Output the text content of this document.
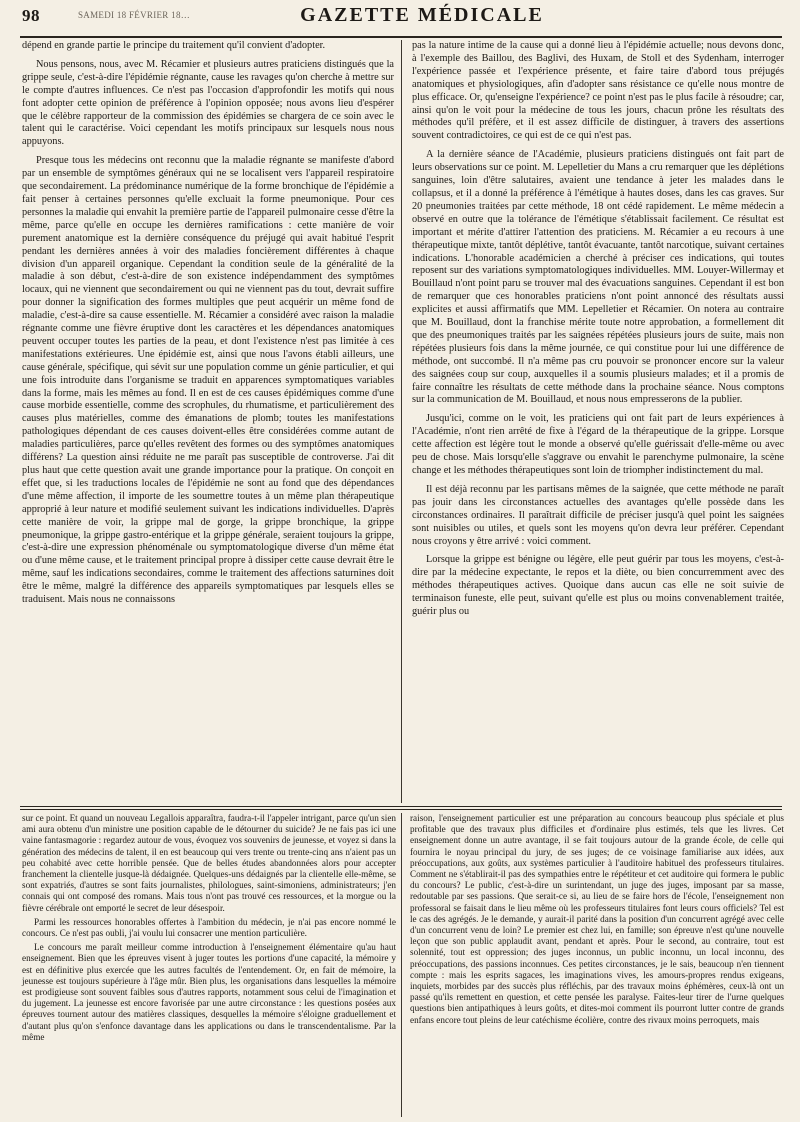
98	SAMEDI 18 FÉVRIER 18…	GAZETTE MÉDICALE

dépend en grande partie le principe du traitement qu'il convient d'adopter.

Nous pensons, nous, avec M. Récamier et plusieurs autres praticiens distingués que la grippe seule, c'est-à-dire l'épidémie régnante, cause les ravages qu'on cherche à mettre sur le compte d'autres influences. Ce n'est pas l'occasion d'approfondir les motifs qui nous font adopter cette opinion de préférence à l'opinion opposée; nous avons lieu d'espérer que le célèbre rapporteur de la commission des épidémies se chargera de ce soin avec le talent qui le caractérise. Voici cependant les motifs principaux sur lesquels nous nous appuyons.

Presque tous les médecins ont reconnu que la maladie régnante se manifeste d'abord par un ensemble de symptômes généraux qui ne se localisent vers l'appareil respiratoire que secondairement. La prédominance numérique de la forme bronchique de l'épidémie a fait penser à certaines personnes qu'elle excluait la forme pneumonique. Pour ces personnes la maladie qui envahit la première partie de l'appareil pulmonaire cesse d'être la même, parce qu'elle en occupe les dernières ramifications : cette manière de voir purement anatomique est la dernière conséquence du préjugé qui avait habitué l'esprit pendant les dernières années à voir des maladies foncièrement différentes à chaque division d'un appareil organique. Cependant la condition seule de la généralité de la maladie à son début, c'est-à-dire de son existence indépendamment des symptômes locaux, qui ne viennent que secondairement ou qui ne viennent pas du tout, devrait suffire pour donner la signification des formes multiples que peut acquérir un même fond de maladie, c'est-à-dire sa cause essentielle. M. Récamier a considéré avec raison la maladie régnante comme une fièvre éruptive dont les caractères et les dépendances anatomiques peuvent occuper toutes les parties de la peau, et dont l'existence n'est pas limitée à ces manifestations extérieures. Une épidémie est, ainsi que nous l'avons établi ailleurs, une cause générale, spécifique, qui sévit sur une population comme un génie particulier, et qui une fois introduite dans l'organisme se traduit en apparences symptomatiques variables dans la forme, mais les mêmes au fond. Il en est de ces causes épidémiques comme d'une cause morbide essentielle, comme des scrophules, du rhumatisme, et particulièrement des causes plus matérielles, comme des émanations de plomb; toutes les manifestations pathologiques dépendant de ces causes doivent-elles être considérées comme autant de maladies particulières, parce qu'elles revêtent des formes ou des symptômes anatomiques différens? La question ainsi réduite ne me paraît pas susceptible de controverse. J'ai dit plus haut que cette question avait une grande importance pour la pratique. On conçoit en effet que, si les traductions locales de l'épidémie ne sont au fond que des dépendances d'une même affection, il importe de les soumettre toutes à un même plan thérapeutique approprié à leur nature et modifié seulement suivant les indications individuelles. D'après cette manière de voir, la grippe mal de gorge, la grippe bronchique, la grippe pneumonique, la grippe gastro-entérique et la grippe générale, seraient toujours la grippe, c'est-à-dire une expression phénoménale ou symptomatologique diverse d'un même état ou d'une même cause, et le traitement principal propre à dissiper cette cause devrait être le même, sauf les indications secondaires, comme le traitement des affections saturnines doit être le même, malgré la différence des appareils symptomatiques par lesquels elles se traduisent. Mais nous ne connaissons

pas la nature intime de la cause qui a donné lieu à l'épidémie actuelle; nous devons donc, à l'exemple des Baillou, des Baglivi, des Huxam, de Stoll et des Sydenham, interroger l'expérience passée et l'expérience présente, et faire taire d'abord tous préjugés anatomiques et physiologiques, afin d'adopter sans résistance ce qu'elle nous montre de plus efficace. Or, qu'enseigne l'expérience? ce point n'est pas le plus facile à résoudre; car, ainsi qu'on le voit pour la médecine de tous les jours, chacun prône les résultats des méthodes qu'il préfère, et il est assez difficile de distinguer, à travers des assertions souvent contradictoires, ce qui est de ce qui n'est pas.

A la dernière séance de l'Académie, plusieurs praticiens distingués ont fait part de leurs observations sur ce point. M. Lepelletier du Mans a cru remarquer que les déplétions sanguines, loin d'être salutaires, avaient une tendance à jeter les malades dans le collapsus, et il a donné la préférence à l'émétique à hautes doses, dans les cas graves. Sur 20 pneumonies traitées par cette méthode, 18 ont cédé rapidement. Le même médecin a observé en outre que la tolérance de l'émétique s'établissait facilement. Ce résultat est important et mérite d'attirer l'attention des praticiens. M. Récamier a eu recours à une thérapeutique mixte, tantôt déplétive, tantôt évacuante, tantôt narcotique, suivant certaines indications. L'honorable académicien a cherché à préciser ces indications, qui toutes reposent sur des variations symptomatologiques individuelles. MM. Louyer-Willermay et Bouillaud n'ont point paru se trouver mal des évacuations sanguines. Cependant il est bon de remarquer que ces honorables praticiens n'ont point annoncé des résultats aussi explicites et aussi affirmatifs que MM. Lepelletier et Récamier. On notera au contraire que M. Bouillaud, dont la franchise mérite toute notre approbation, a formellement dit que des pneumoniques traités par les saignées répétées plusieurs jours de suite, mais non répétées plusieurs fois dans la même journée, ce qui constitue pour lui une différence de méthode, ont succombé. Il n'a même pas cru pouvoir se prononcer encore sur la valeur des saignées coup sur coup, auxquelles il a soumis plusieurs malades; et il a promis de faire connaître les résultats de cette méthode dans la prochaine séance. Nous comptons sur la communication de M. Bouillaud, et nous nous empresserons de la publier.

Jusqu'ici, comme on le voit, les praticiens qui ont fait part de leurs expériences à l'Académie, n'ont rien arrêté de fixe à l'égard de la thérapeutique de la grippe. Lorsque cette affection est légère tout le monde a observé qu'elle guérissait d'elle-même ou avec peu de chose. Mais lorsqu'elle s'aggrave ou envahit le parenchyme pulmonaire, la scène change et les méthodes thérapeutiques sont loin de triompher indistinctement du mal.

Il est déjà reconnu par les partisans mêmes de la saignée, que cette méthode ne paraît pas jouir dans les circonstances actuelles des avantages qu'elle possède dans les circonstances ordinaires. Il paraîtrait difficile de préciser jusqu'à quel point les saignées sont nuisibles ou utiles, et quels sont les moyens qu'on devra leur préférer. Cependant nous croyons y être arrivé : voici comment.

Lorsque la grippe est bénigne ou légère, elle peut guérir par tous les moyens, c'est-à-dire par la médecine expectante, le repos et la diète, ou bien concurremment avec des méthodes thérapeutiques actives. Quoique dans aucun cas elle ne soit suivie de terminaison funeste, elle peut, suivant qu'elle est plus ou moins convenablement traitée, guérir plus ou

sur ce point. Et quand un nouveau Legallois apparaîtra, faudra-t-il l'appeler intrigant, parce qu'un sien ami aura obtenu d'un ministre une position capable de le détourner du suicide? Je ne fais pas ici une vaine fantasmagorie : regardez autour de vous, évoquez vos souvenirs de jeunesse, et voyez si dans la génération des médecins de talent, il en est beaucoup qui vers trente ou trente-cinq ans n'aient pas un peu cohabité avec cette horrible pensée. Que de belles études abandonnées alors pour accepter franchement la clientelle jusque-là dédaignée. Quelques-uns dédaignés par la clientelle elle-même, se sont expatriés, d'autres se sont faits journalistes, philologues, saint-simoniens, administrateurs; j'en connais qui ont composé des romans. Mais tous n'ont pas trouvé ces ressources, et la morgue ou la fièvre cérébrale ont emporté le secret de leur désespoir.

Parmi les ressources honorables offertes à l'ambition du médecin, je n'ai pas encore nommé le concours. Ce n'est pas oubli, j'ai voulu lui consacrer une mention particulière.

Le concours me paraît meilleur comme introduction à l'enseignement élémentaire qu'au haut enseignement. Bien que les épreuves visent à juger toutes les portions d'une capacité, la mémoire y est en définitive plus exercée que les autres facultés de l'entendement. Or, en fait de mémoire, la jeunesse est toujours supérieure à l'âge mûr. Bien plus, les organisations dans lesquelles la mémoire est prodigieuse sont souvent faibles sous d'autres rapports, notamment sous celui de l'imagination et du jugement. La jeunesse est encore favorisée par une autre circonstance : les questions posées aux épreuves tournent autour des matières classiques, desquelles la mémoire s'éloigne graduellement et d'autant plus qu'on s'enfonce davantage dans les applications ou dans le transcendentalisme. Par la même

raison, l'enseignement particulier est une préparation au concours beaucoup plus spéciale et plus profitable que des travaux plus difficiles et d'ordinaire plus estimés, tels que les livres. Cet enseignement donne un autre avantage, il se fait toujours autour de la grande école, de celle qui fournira le noyau principal du jury, de ses juges; de ce voisinage familiarise aux idées, aux préoccupations, aux goûts, aux systèmes particulier à l'auditoire habituel des professeurs titulaires. Comment ne s'établirait-il pas des sympathies entre le répétiteur et cet auditoire qui formera le public du concours? Le public, c'est-à-dire un surintendant, un juge des juges, imposant par sa masse, redoutable par ses passions. Que serait-ce si, au lieu de se faire hors de l'école, l'enseignement non professoral se faisait dans le lieu même où les professeurs titulaires font leurs cours officiels? Tel est le cas des agrégés. Je le demande, y aurait-il parité dans la position d'un concurrent agrégé avec celle d'un concurrent venu de loin? Le premier est chez lui, en famille; son épreuve n'est qu'une nouvelle leçon que son public applaudit avant, pendant et après. Pour le second, au contraire, tout est solennité, tout est oppression; des juges inconnus, un public inconnu, un local inconnu, des préoccupations, des passions inconnues. Ces petites circonstances, je le sais, beaucoup n'en tiennent compte : mais les esprits sagaces, les imaginations vives, les amours-propres rendus exigeans, inquiets, morbides par des succès plus réfléchis, par des travaux moins éphémères, ceux-là ont un passé qu'ils remettent en question, et cette pensée les paralyse. Faites-leur tirer de l'urne quelques questions bien antipathiques à leurs goûts, et dites-moi comment ils pourront lutter contre de grands enfans encore tout pleins de leur catéchisme écolière, contre des rivaux moins perroquets, mais
